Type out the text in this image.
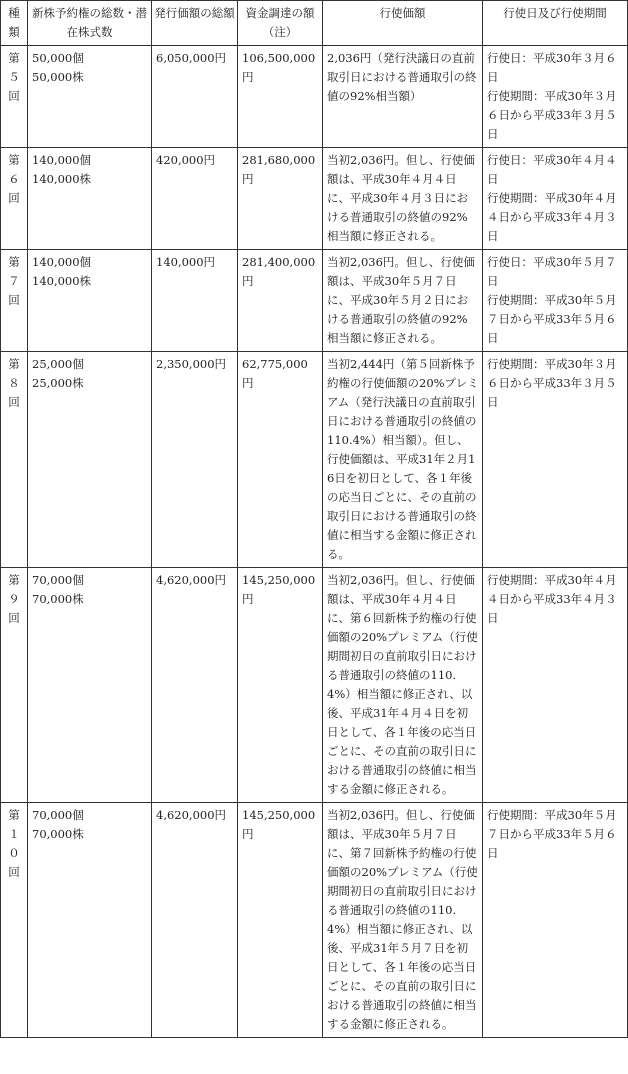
種類	新株予約権の総数・潜在株式数	発行価額の総額	資金調達の額（注）	行使価額	行使日及び行使期間

第
５
回	50,000個
50,000株	6,050,000円	106,500,000円	2,036円（発行決議日の直前取引日における普通取引の終値の92%相当額）	行使日：平成30年３月６日
行使期間：平成30年３月６日から平成33年３月５日

第
６
回	140,000個
140,000株	420,000円	281,680,000円	当初2,036円。但し、行使価額は、平成30年４月４日に、平成30年４月３日における普通取引の終値の92%相当額に修正される。	行使日：平成30年４月４日
行使期間：平成30年４月４日から平成33年４月３日

第
７
回	140,000個
140,000株	140,000円	281,400,000円	当初2,036円。但し、行使価額は、平成30年５月７日に、平成30年５月２日における普通取引の終値の92%相当額に修正される。	行使日：平成30年５月７日
行使期間：平成30年５月７日から平成33年５月６日

第
８
回	25,000個
25,000株	2,350,000円	62,775,000円	当初2,444円（第５回新株予約権の行使価額の20%プレミアム（発行決議日の直前取引日における普通取引の終値の110.4%）相当額）。但し、行使価額は、平成31年２月16日を初日として、各１年後の応当日ごとに、その直前の取引日における普通取引の終値に相当する金額に修正される。	行使期間：平成30年３月６日から平成33年３月５日

第
９
回	70,000個
70,000株	4,620,000円	145,250,000円	当初2,036円。但し、行使価額は、平成30年４月４日に、第６回新株予約権の行使価額の20%プレミアム（行使期間初日の直前取引日における普通取引の終値の110.4%）相当額に修正され、以後、平成31年４月４日を初日として、各１年後の応当日ごとに、その直前の取引日における普通取引の終値に相当する金額に修正される。	行使期間：平成30年４月４日から平成33年４月３日

第
１
０
回	70,000個
70,000株	4,620,000円	145,250,000円	当初2,036円。但し、行使価額は、平成30年５月７日に、第７回新株予約権の行使価額の20%プレミアム（行使期間初日の直前取引日における普通取引の終値の110.4%）相当額に修正され、以後、平成31年５月７日を初日として、各１年後の応当日ごとに、その直前の取引日における普通取引の終値に相当する金額に修正される。	行使期間：平成30年５月７日から平成33年５月６日
